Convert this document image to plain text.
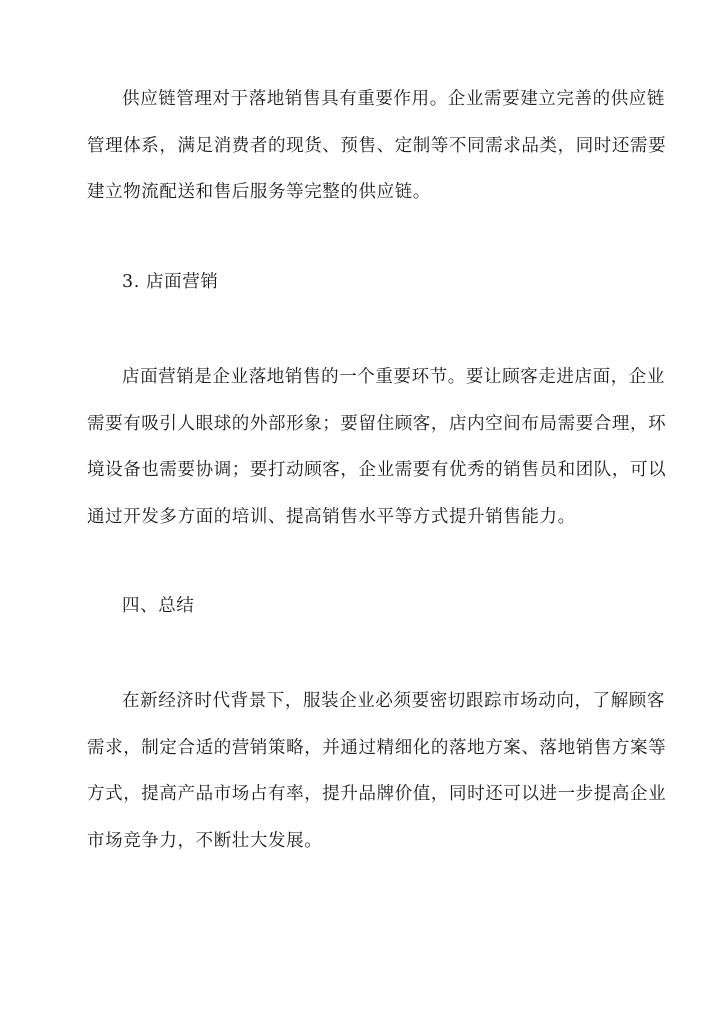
供应链管理对于落地销售具有重要作用。企业需要建立完善的供应链
管理体系，满足消费者的现货、预售、定制等不同需求品类，同时还需要
建立物流配送和售后服务等完整的供应链。
3. 店面营销
店面营销是企业落地销售的一个重要环节。要让顾客走进店面，企业
需要有吸引人眼球的外部形象；要留住顾客，店内空间布局需要合理，环
境设备也需要协调；要打动顾客，企业需要有优秀的销售员和团队，可以
通过开发多方面的培训、提高销售水平等方式提升销售能力。
四、总结
在新经济时代背景下，服装企业必须要密切跟踪市场动向，了解顾客
需求，制定合适的营销策略，并通过精细化的落地方案、落地销售方案等
方式，提高产品市场占有率，提升品牌价值，同时还可以进一步提高企业
市场竞争力，不断壮大发展。
